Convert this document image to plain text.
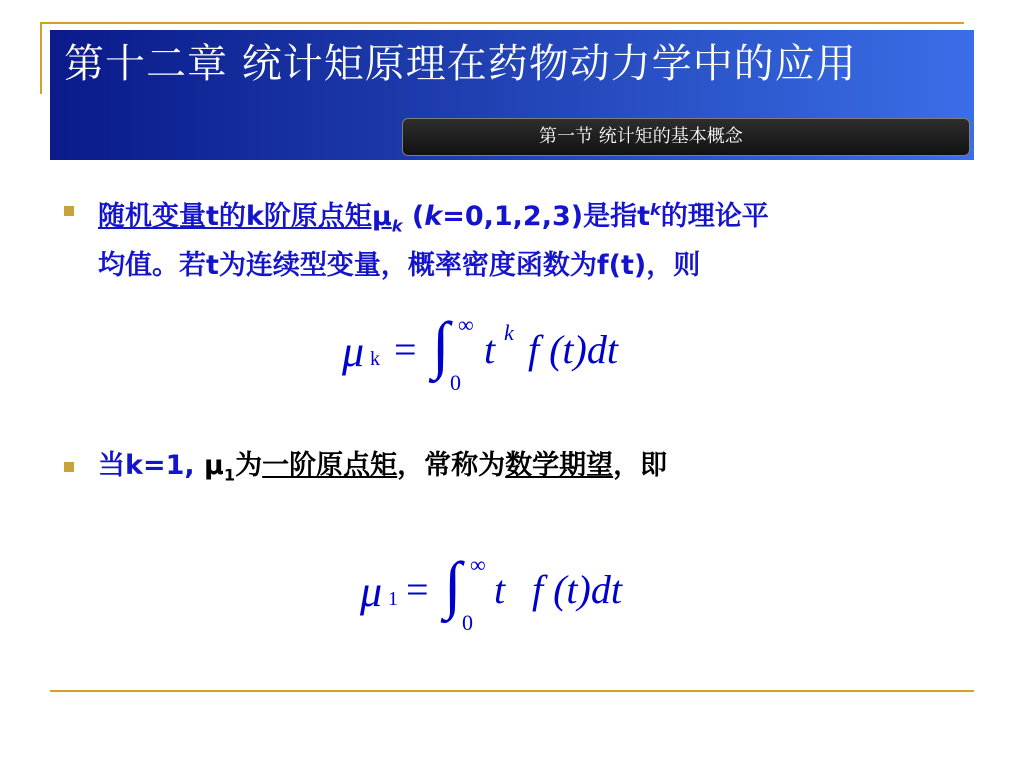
第十二章 统计矩原理在药物动力学中的应用
第一节 统计矩的基本概念
随机变量t的k阶原点矩$\mu_k$ (k=0,1,2,3)是指$t^k$的理论平
均值。若t为连续型变量，概率密度函数为f(t)，则
μ k = ∫ ∞
0
t k f (t)dt
当k=1, $\mu_1$为一阶原点矩，常称为数学期望，即
μ 1 = ∫ ∞
0
t f (t)dt
